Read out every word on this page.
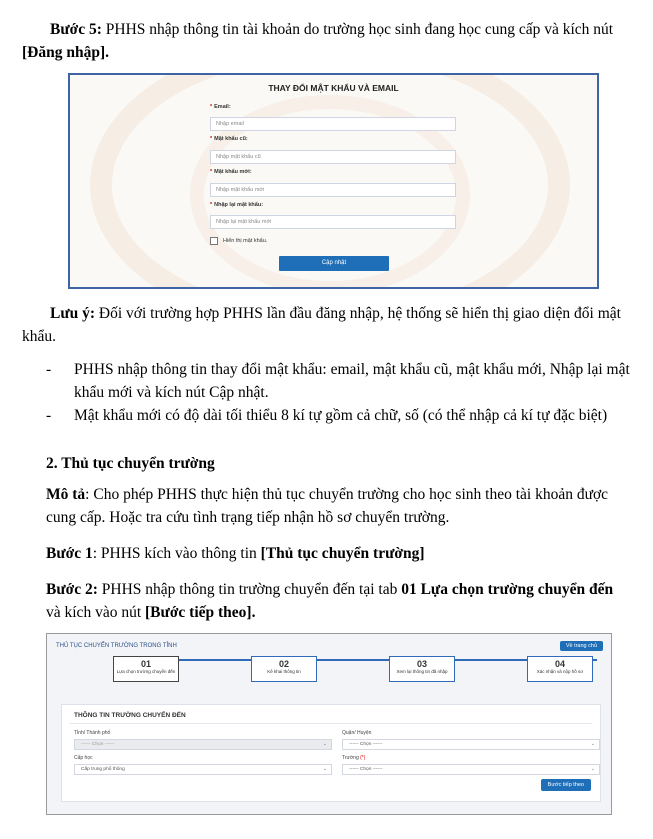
Bước 5: PHHS nhập thông tin tài khoản do trường học sinh đang học cung cấp và kích nút [Đăng nhập].
THAY ĐỔI MẬT KHẨU VÀ EMAIL
* Email:
Nhập email
* Mật khẩu cũ:
Nhập mật khẩu cũ
* Mật khẩu mới:
Nhập mật khẩu mới
* Nhập lại mật khẩu:
Nhập lại mật khẩu mới
Hiển thị mật khẩu.
Cập nhật
Lưu ý: Đối với trường hợp PHHS lần đầu đăng nhập, hệ thống sẽ hiển thị giao diện đổi mật khẩu.
- PHHS nhập thông tin thay đổi mật khẩu: email, mật khẩu cũ, mật khẩu mới, Nhập lại mật khẩu mới và kích nút Cập nhật.
- Mật khẩu mới có độ dài tối thiểu 8 kí tự gồm cả chữ, số (có thể nhập cả kí tự đặc biệt)
2. Thủ tục chuyển trường
Mô tả: Cho phép PHHS thực hiện thủ tục chuyển trường cho học sinh theo tài khoản được cung cấp. Hoặc tra cứu tình trạng tiếp nhận hồ sơ chuyển trường.
Bước 1: PHHS kích vào thông tin [Thủ tục chuyển trường]
Bước 2: PHHS nhập thông tin trường chuyển đến tại tab 01 Lựa chọn trường chuyển đến và kích vào nút [Bước tiếp theo].
THỦ TỤC CHUYỂN TRƯỜNG TRONG TỈNH	Về trang chủ
01
Lựa chọn trường chuyển đến
02
Kê khai thông tin
03
Xem lại thông tin đã nhập
04
Xác nhận và nộp hồ sơ
THÔNG TIN TRƯỜNG CHUYỂN ĐẾN
Tỉnh/ Thành phố
------ Chọn ------	⌄
Quận/ Huyện
------ Chọn ------	⌄
Cấp học
Cấp trung phổ thông	⌄
Trường (*)
------ Chọn ------	⌄
Bước tiếp theo
